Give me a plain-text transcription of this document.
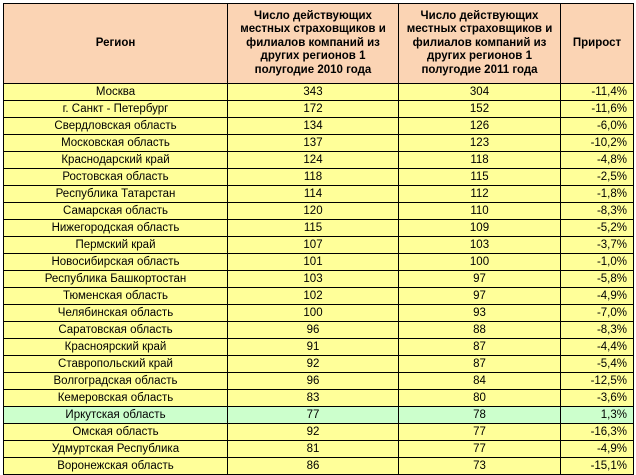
Регион	Число действующих местных страховщиков и филиалов компаний из других регионов 1 полугодие 2010 года	Число действующих местных страховщиков и филиалов компаний из других регионов 1 полугодие 2011 года	Прирост
Москва	343	304	-11,4%
г. Санкт - Петербург	172	152	-11,6%
Свердловская область	134	126	-6,0%
Московская область	137	123	-10,2%
Краснодарский край	124	118	-4,8%
Ростовская область	118	115	-2,5%
Республика Татарстан	114	112	-1,8%
Самарская область	120	110	-8,3%
Нижегородская область	115	109	-5,2%
Пермский край	107	103	-3,7%
Новосибирская область	101	100	-1,0%
Республика Башкортостан	103	97	-5,8%
Тюменская область	102	97	-4,9%
Челябинская область	100	93	-7,0%
Саратовская область	96	88	-8,3%
Красноярский край	91	87	-4,4%
Ставропольский край	92	87	-5,4%
Волгоградская область	96	84	-12,5%
Кемеровская область	83	80	-3,6%
Иркутская область	77	78	1,3%
Омская область	92	77	-16,3%
Удмуртская Республика	81	77	-4,9%
Воронежская область	86	73	-15,1%
